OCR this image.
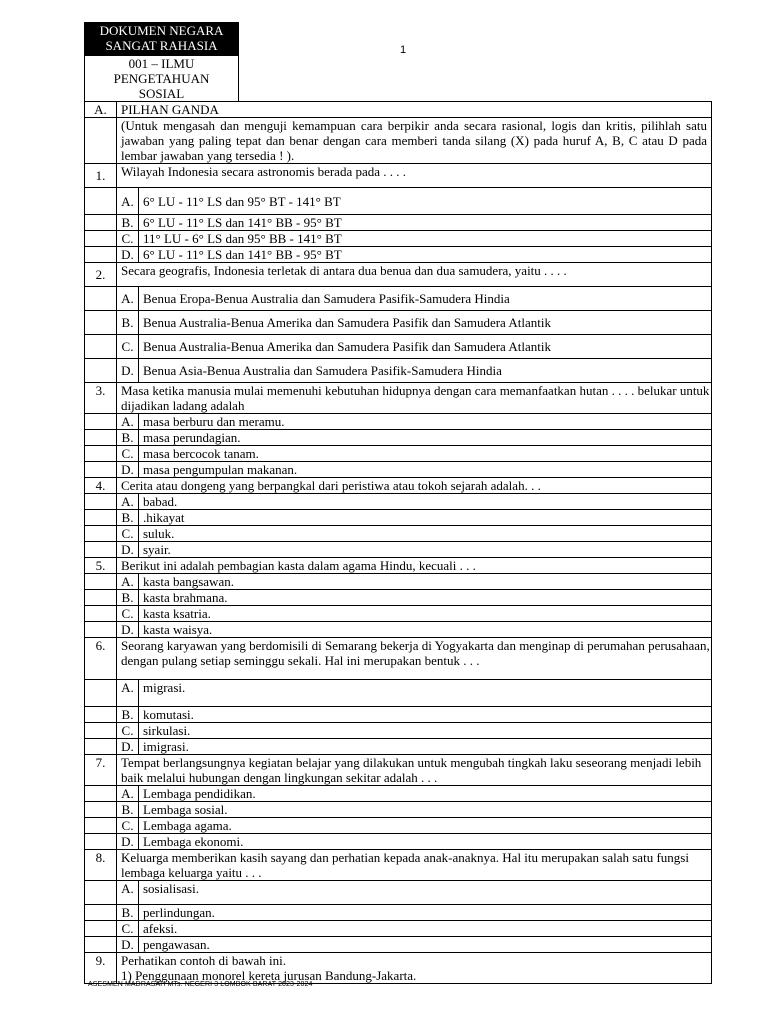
DOKUMEN NEGARA
SANGAT RAHASIA
001 – ILMU
PENGETAHUAN
SOSIAL
1
A.	PILHAN GANDA	
	(Untuk mengasah dan menguji kemampuan cara berpikir anda secara rasional, logis dan kritis, pilihlah satu jawaban yang paling tepat dan benar dengan cara memberi tanda silang (X) pada huruf A, B, C atau D pada lembar jawaban yang tersedia ! ).	
1.	Wilayah Indonesia secara astronomis berada pada . . . .	
	A.	6° LU - 11° LS dan 95° BT - 141° BT
	B.	6° LU - 11° LS dan 141° BB - 95° BT
	C.	11° LU - 6° LS dan 95° BB - 141° BT
	D.	6° LU - 11° LS dan 141° BB - 95° BT
2.	Secara geografis, Indonesia terletak di antara dua benua dan dua samudera, yaitu . . . .	
	A.	Benua Eropa-Benua Australia dan Samudera Pasifik-Samudera Hindia
	B.	Benua Australia-Benua Amerika dan Samudera Pasifik dan Samudera Atlantik
	C.	Benua Australia-Benua Amerika dan Samudera Pasifik dan Samudera Atlantik
	D.	Benua Asia-Benua Australia dan Samudera Pasifik-Samudera Hindia
3.	Masa ketika manusia mulai memenuhi kebutuhan hidupnya dengan cara memanfaatkan hutan . . . . belukar untuk dijadikan ladang adalah	
	A.	masa berburu dan meramu.
	B.	masa perundagian.
	C.	masa bercocok tanam.
	D.	masa pengumpulan makanan.
4.	Cerita atau dongeng yang berpangkal dari peristiwa atau tokoh sejarah adalah. . .	
	A.	babad.
	B.	.hikayat
	C.	suluk.
	D.	syair.
5.	Berikut ini adalah pembagian kasta dalam agama Hindu, kecuali . . .	
	A.	kasta bangsawan.
	B.	kasta brahmana.
	C.	kasta ksatria.
	D.	kasta waisya.
6.	Seorang karyawan yang berdomisili di Semarang bekerja di Yogyakarta dan menginap di perumahan perusahaan, dengan pulang setiap seminggu sekali. Hal ini merupakan bentuk . . .	
	A.	migrasi.
	B.	komutasi.
	C.	sirkulasi.
	D.	imigrasi.
7.	Tempat berlangsungnya kegiatan belajar yang dilakukan untuk mengubah tingkah laku seseorang menjadi lebih baik melalui hubungan dengan lingkungan sekitar adalah . . .	
	A.	Lembaga pendidikan.
	B.	Lembaga sosial.
	C.	Lembaga agama.
	D.	Lembaga ekonomi.
8.	Keluarga memberikan kasih sayang dan perhatian kepada anak-anaknya. Hal itu merupakan salah satu fungsi lembaga keluarga yaitu . . .	
	A.	sosialisasi.
	B.	perlindungan.
	C.	afeksi.
	D.	pengawasan.
9.	Perhatikan contoh di bawah ini.
1) Penggunaan monorel kereta jurusan Bandung-Jakarta.	
ASESMEN MADRASAH MTs. NEGERI 3 LOMBOK BARAT 2023-2024
